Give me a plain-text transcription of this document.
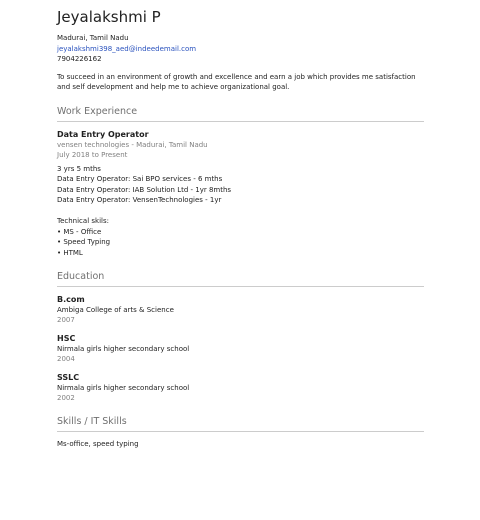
Jeyalakshmi P
Madurai, Tamil Nadu
jeyalakshmi398_aed@indeedemail.com
7904226162
To succeed in an environment of growth and excellence and earn a job which provides me satisfaction and self development and help me to achieve organizational goal.
Work Experience
Data Entry Operator
vensen technologies - Madurai, Tamil Nadu
July 2018 to Present
3 yrs 5 mths
Data Entry Operator: Sai BPO services - 6 mths
Data Entry Operator: IAB Solution Ltd - 1yr 8mths
Data Entry Operator: VensenTechnologies - 1yr
Technical skils:
• MS - Office
• Speed Typing
• HTML
Education
B.com
Ambiga College of arts & Science
2007
HSC
Nirmala girls higher secondary school
2004
SSLC
Nirmala girls higher secondary school
2002
Skills / IT Skills
Ms-office, speed typing
